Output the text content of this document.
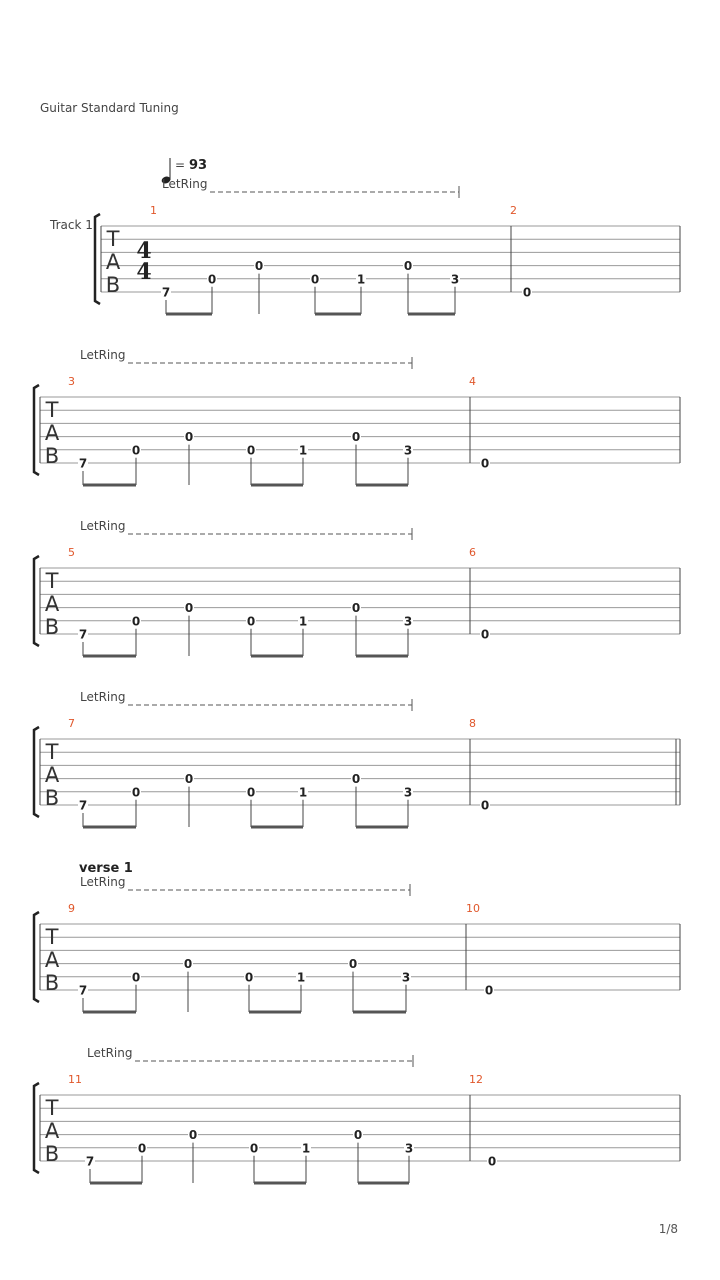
Guitar Standard Tuning
= 93
LetRing
Track 1
T
A
B
4
4
1	2
7
0
0
0	1
0
3
0
LetRing
T
A
B
3	4
7
0
0
0	1
0
3
0
LetRing
T
A
B
5	6
7
0
0
0	1
0
3
0
LetRing
T
A
B
7	8
7
0
0
0	1
0
3
0
verse 1
LetRing
T
A
B
9	10
7
0
0
0	1
0
3
0
LetRing
T
A
B
11	12
7
0
0
0	1
0
3
0
1/8
